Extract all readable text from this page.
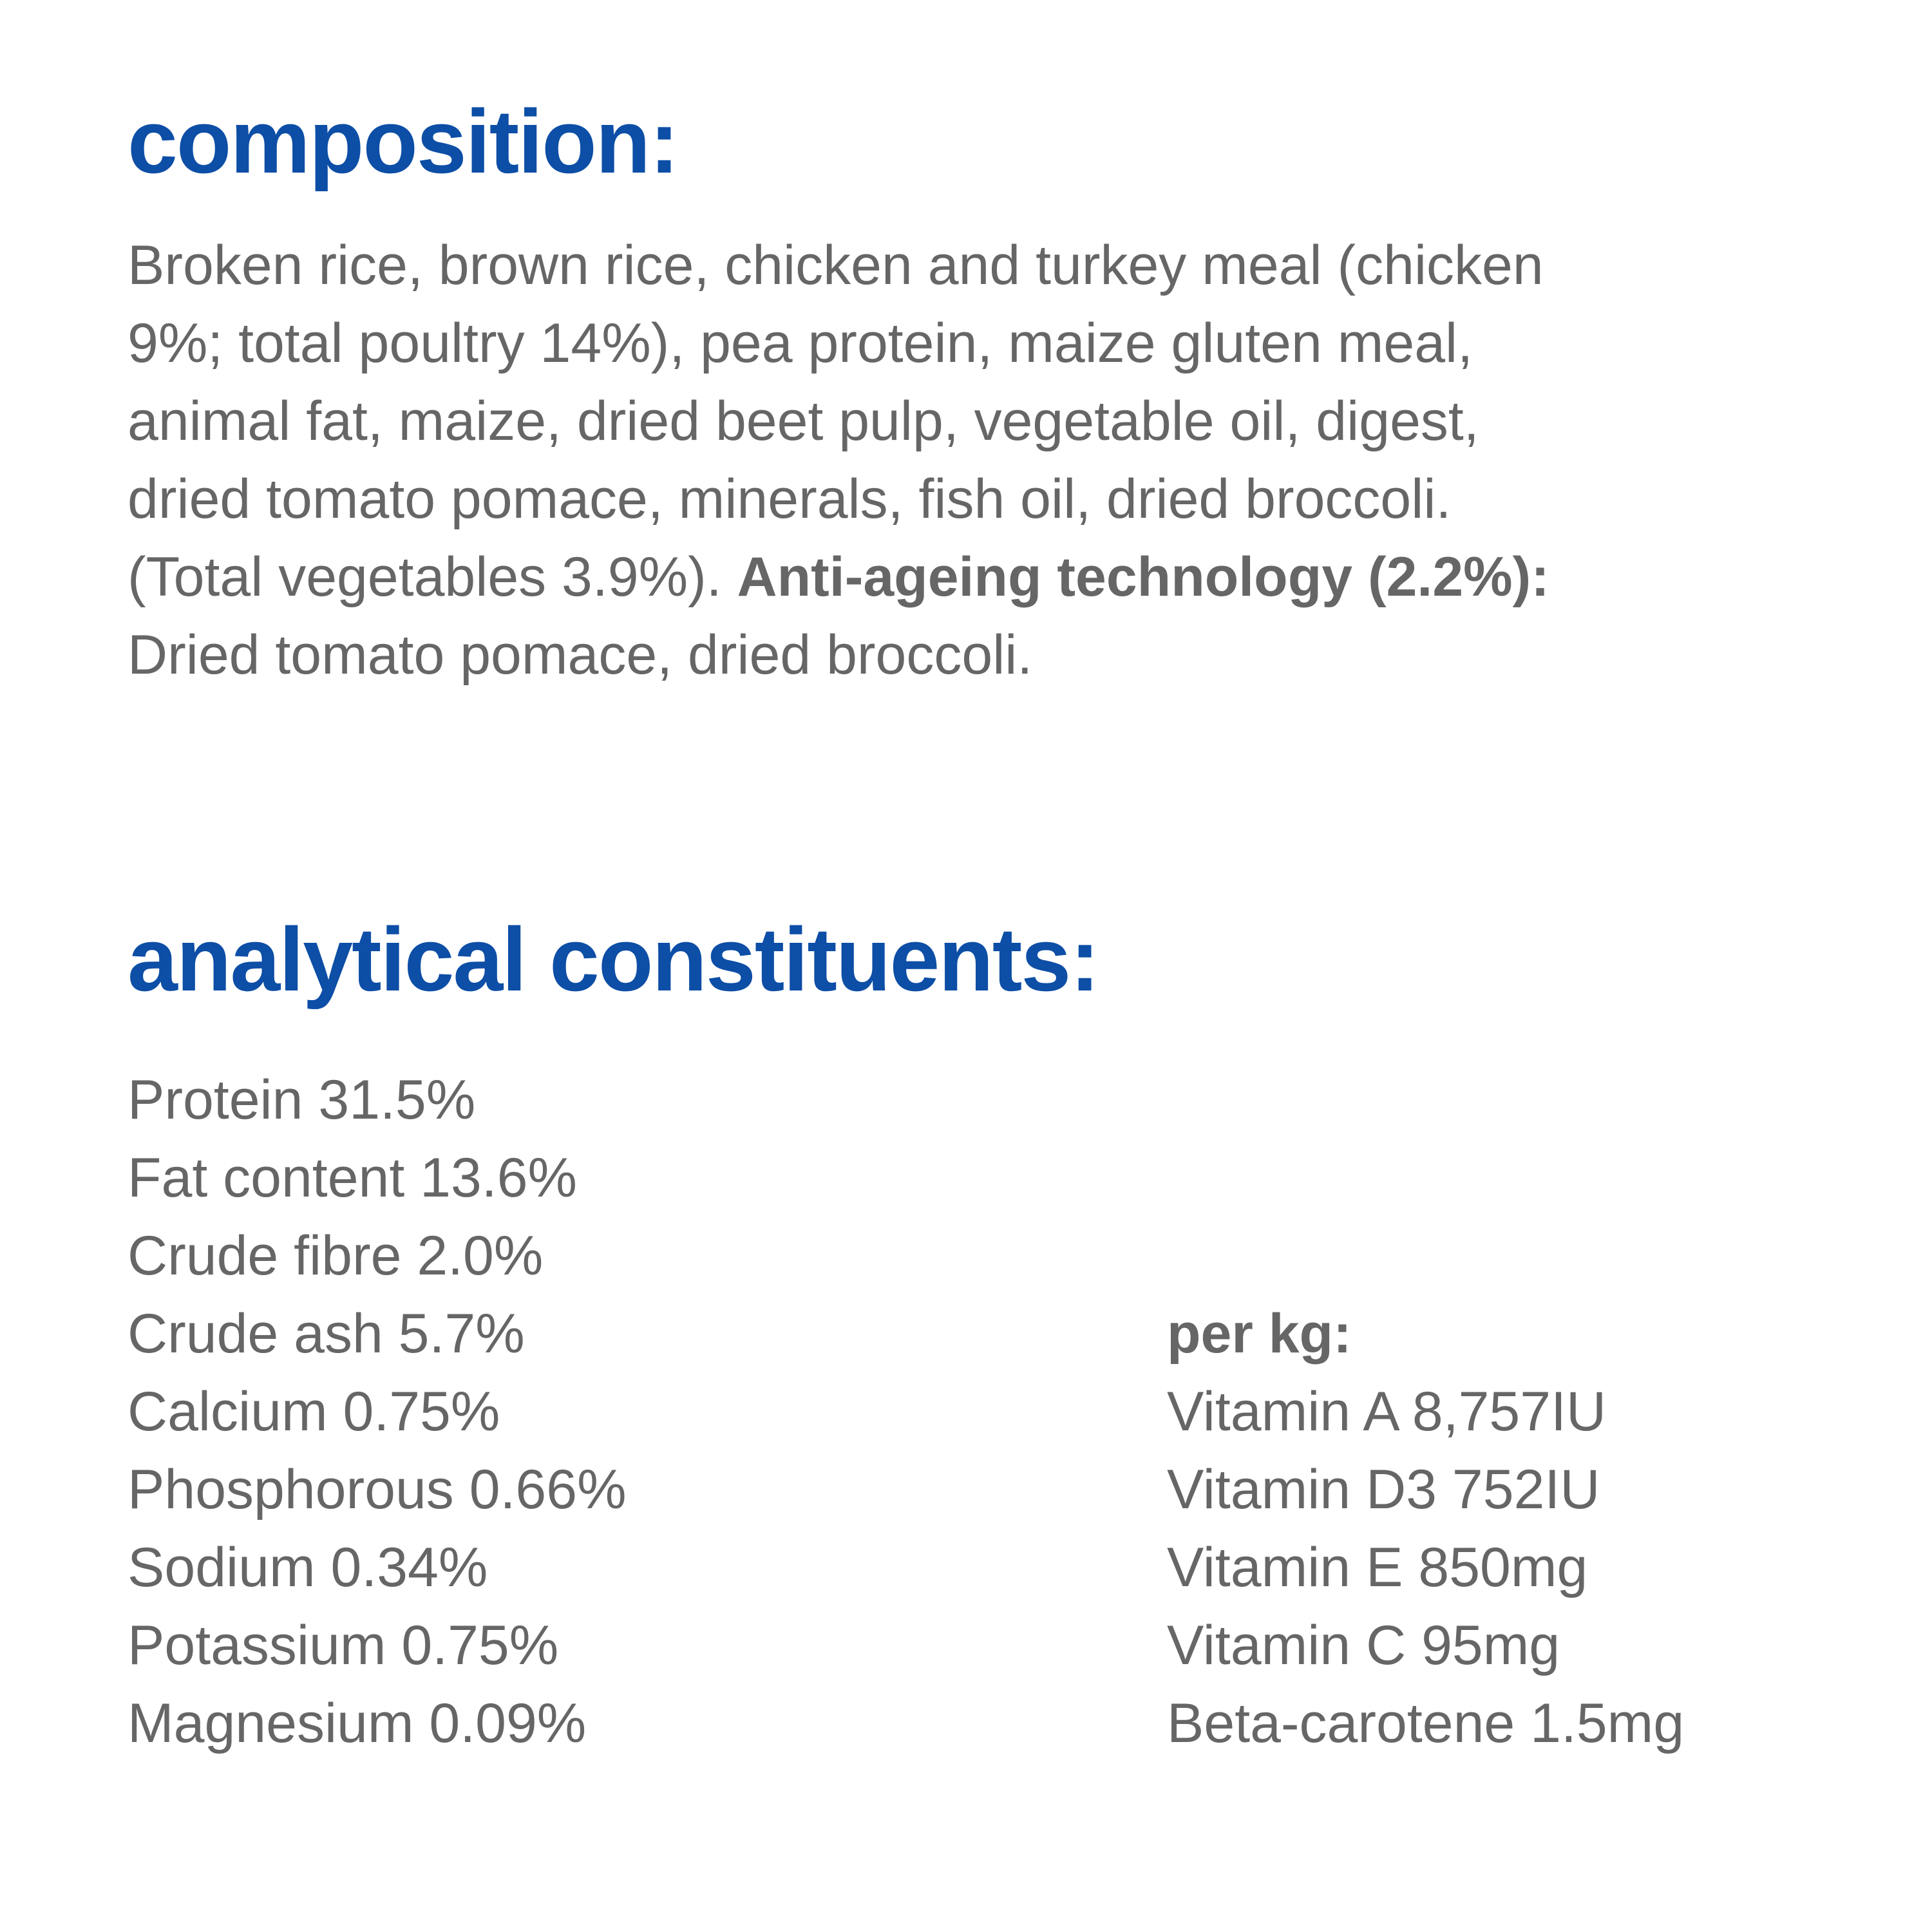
composition:
Broken rice, brown rice, chicken and turkey meal (chicken
9%; total poultry 14%), pea protein, maize gluten meal,
animal fat, maize, dried beet pulp, vegetable oil, digest,
dried tomato pomace, minerals, fish oil, dried broccoli.
(Total vegetables 3.9%). Anti-ageing technology (2.2%):
Dried tomato pomace, dried broccoli.
analytical constituents:
Protein 31.5%
Fat content 13.6%
Crude fibre 2.0%
Crude ash 5.7%
Calcium 0.75%
Phosphorous 0.66%
Sodium 0.34%
Potassium 0.75%
Magnesium 0.09%
per kg:
Vitamin A 8,757IU
Vitamin D3 752IU
Vitamin E 850mg
Vitamin C 95mg
Beta-carotene 1.5mg
